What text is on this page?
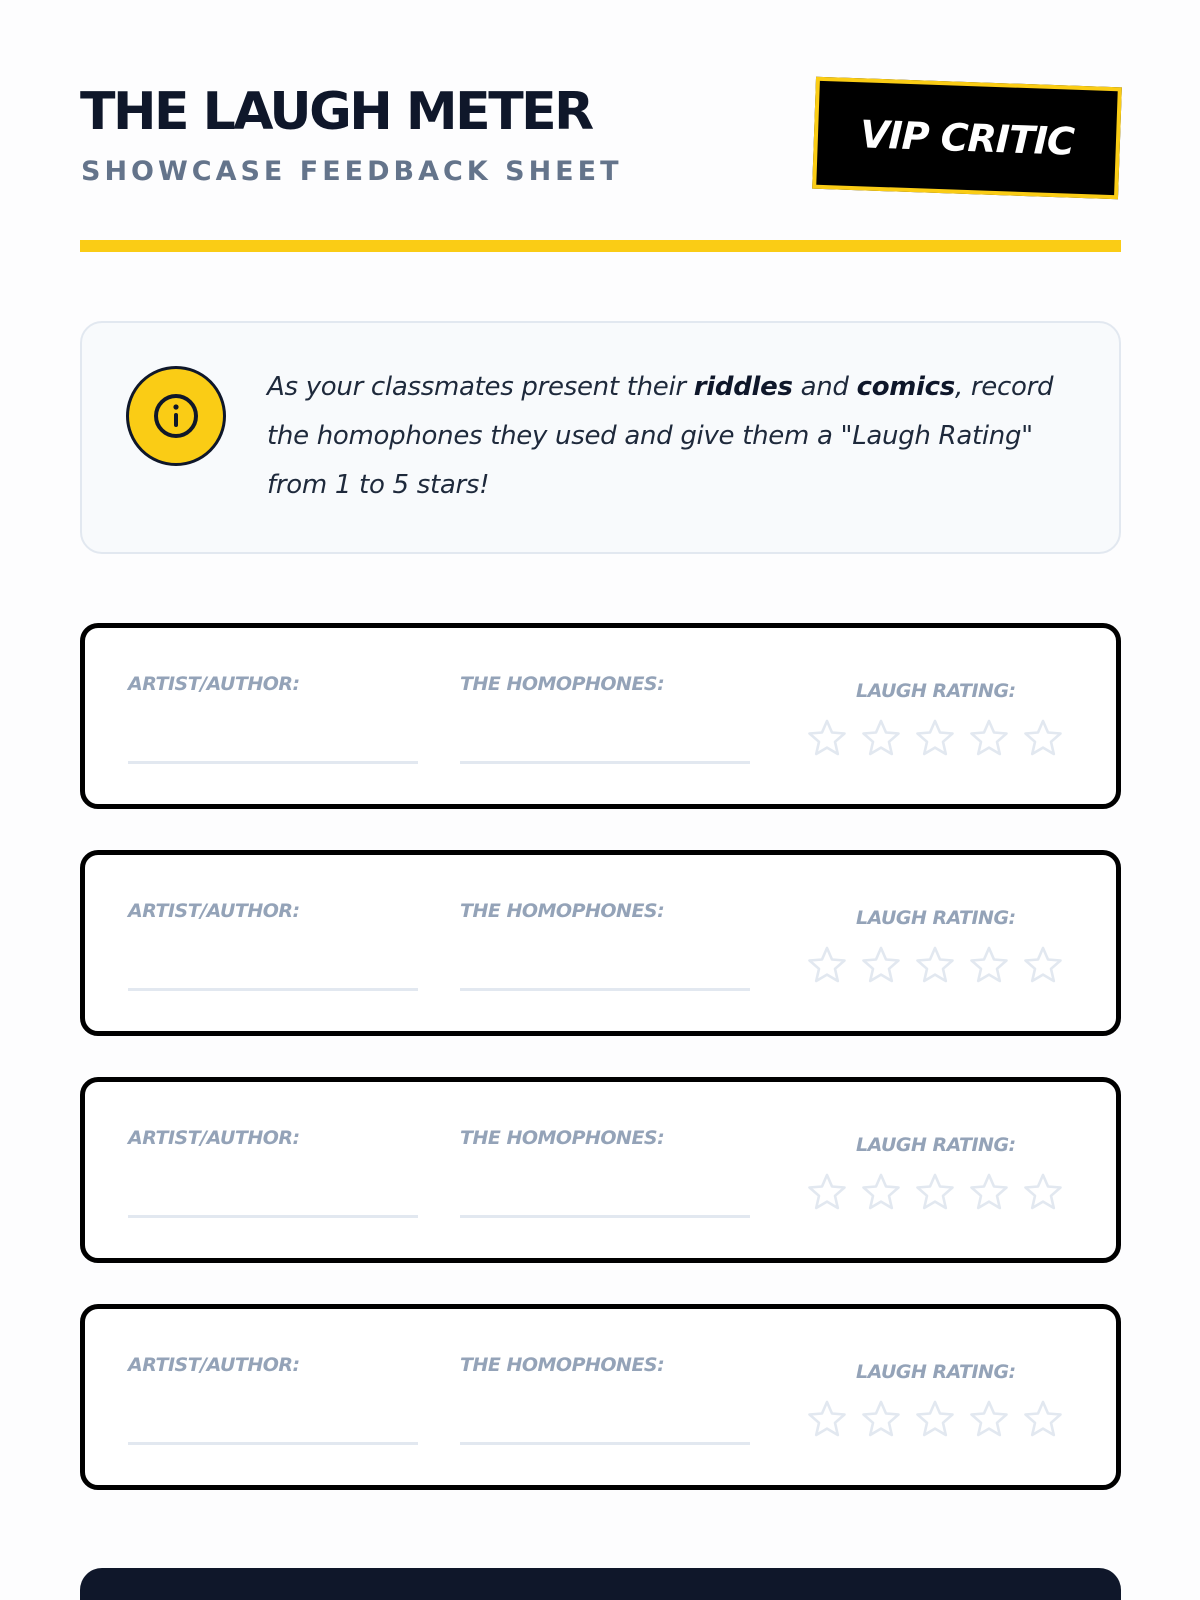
THE LAUGH METER
SHOWCASE FEEDBACK SHEET
VIP CRITIC

As your classmates present their riddles and comics, record the homophones they used and give them a "Laugh Rating" from 1 to 5 stars!

ARTIST/AUTHOR:	THE HOMOPHONES:	LAUGH RATING:
ARTIST/AUTHOR:	THE HOMOPHONES:	LAUGH RATING:
ARTIST/AUTHOR:	THE HOMOPHONES:	LAUGH RATING:
ARTIST/AUTHOR:	THE HOMOPHONES:	LAUGH RATING:
